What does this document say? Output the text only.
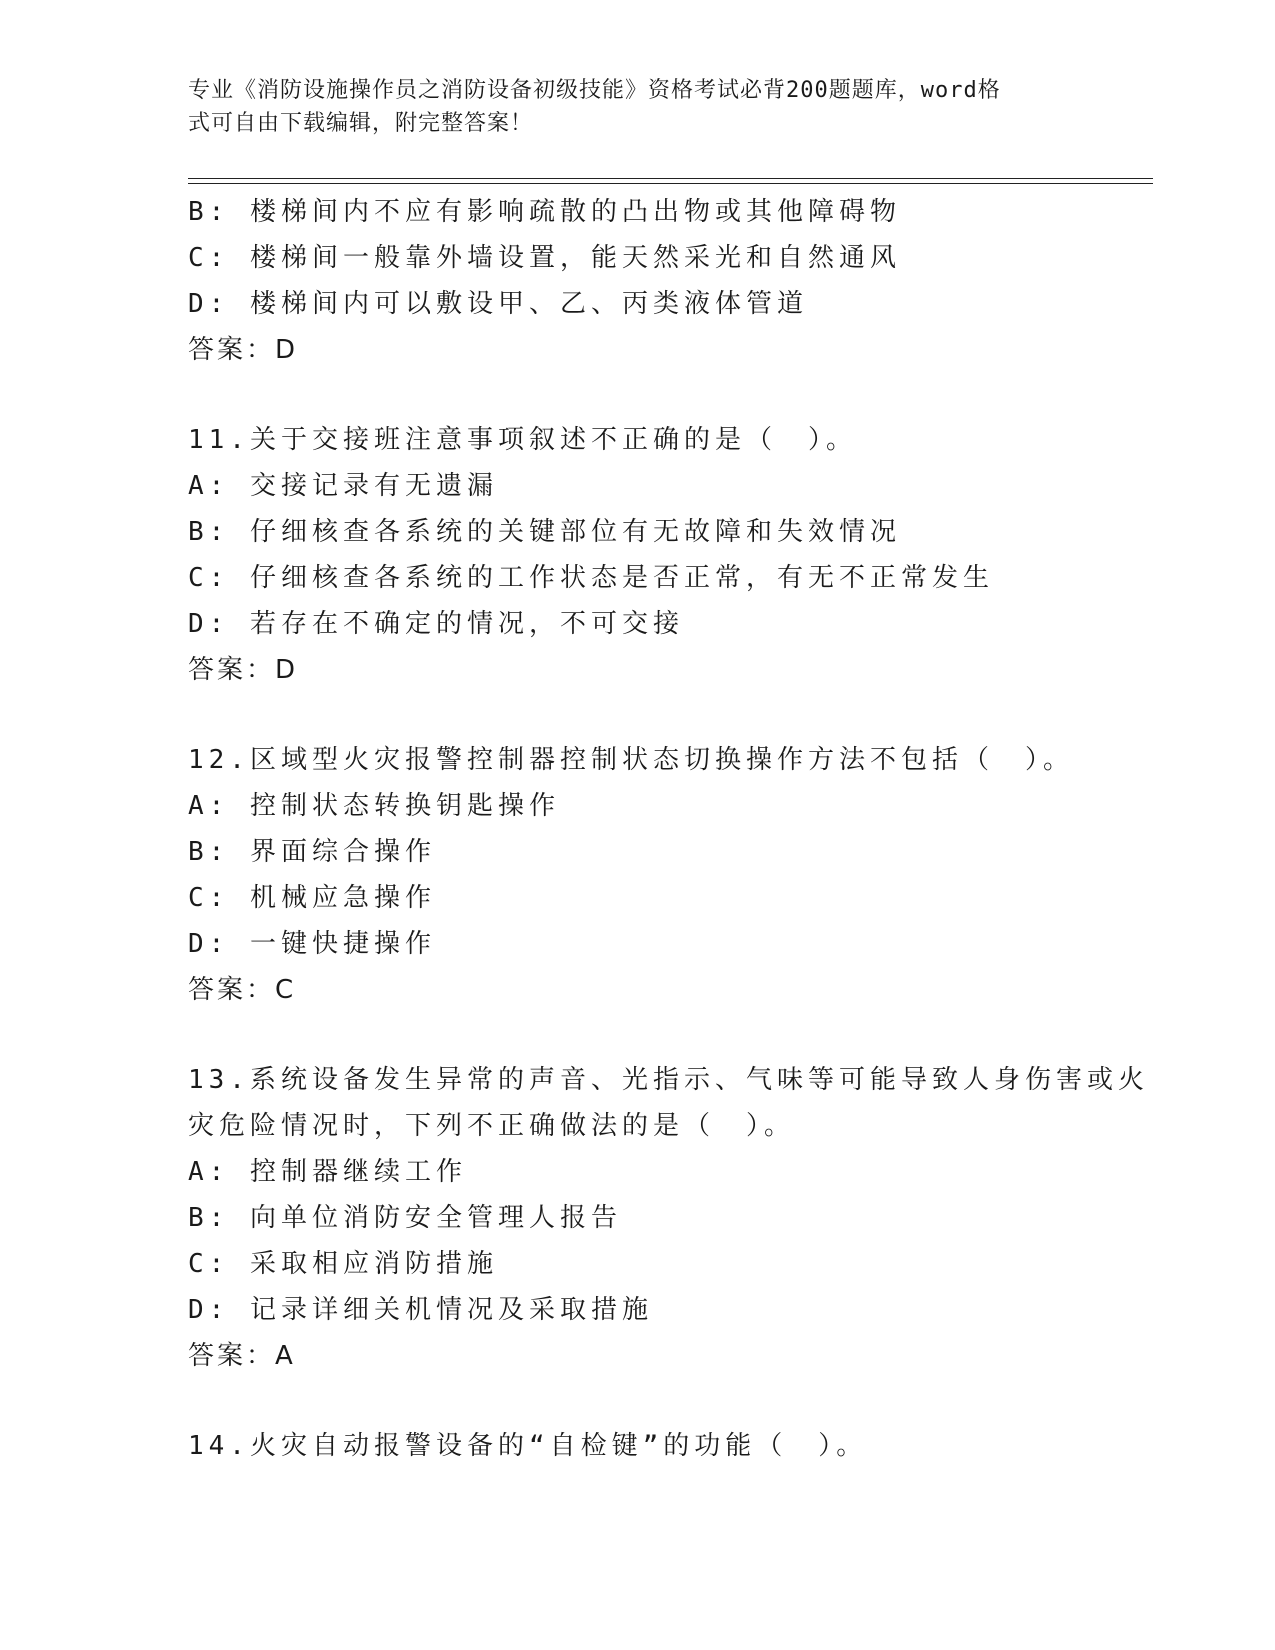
专业《消防设施操作员之消防设备初级技能》资格考试必背200题题库，word格
式可自由下载编辑，附完整答案！
B: 楼梯间内不应有影响疏散的凸出物或其他障碍物
C: 楼梯间一般靠外墙设置，能天然采光和自然通风
D: 楼梯间内可以敷设甲、乙、丙类液体管道
答案：D
11.关于交接班注意事项叙述不正确的是（　）。
A: 交接记录有无遗漏
B: 仔细核查各系统的关键部位有无故障和失效情况
C: 仔细核查各系统的工作状态是否正常，有无不正常发生
D: 若存在不确定的情况，不可交接
答案：D
12.区域型火灾报警控制器控制状态切换操作方法不包括（　）。
A: 控制状态转换钥匙操作
B: 界面综合操作
C: 机械应急操作
D: 一键快捷操作
答案：C
13.系统设备发生异常的声音、光指示、气味等可能导致人身伤害或火
灾危险情况时，下列不正确做法的是（　）。
A: 控制器继续工作
B: 向单位消防安全管理人报告
C: 采取相应消防措施
D: 记录详细关机情况及采取措施
答案：A
14.火灾自动报警设备的“自检键”的功能（　）。
